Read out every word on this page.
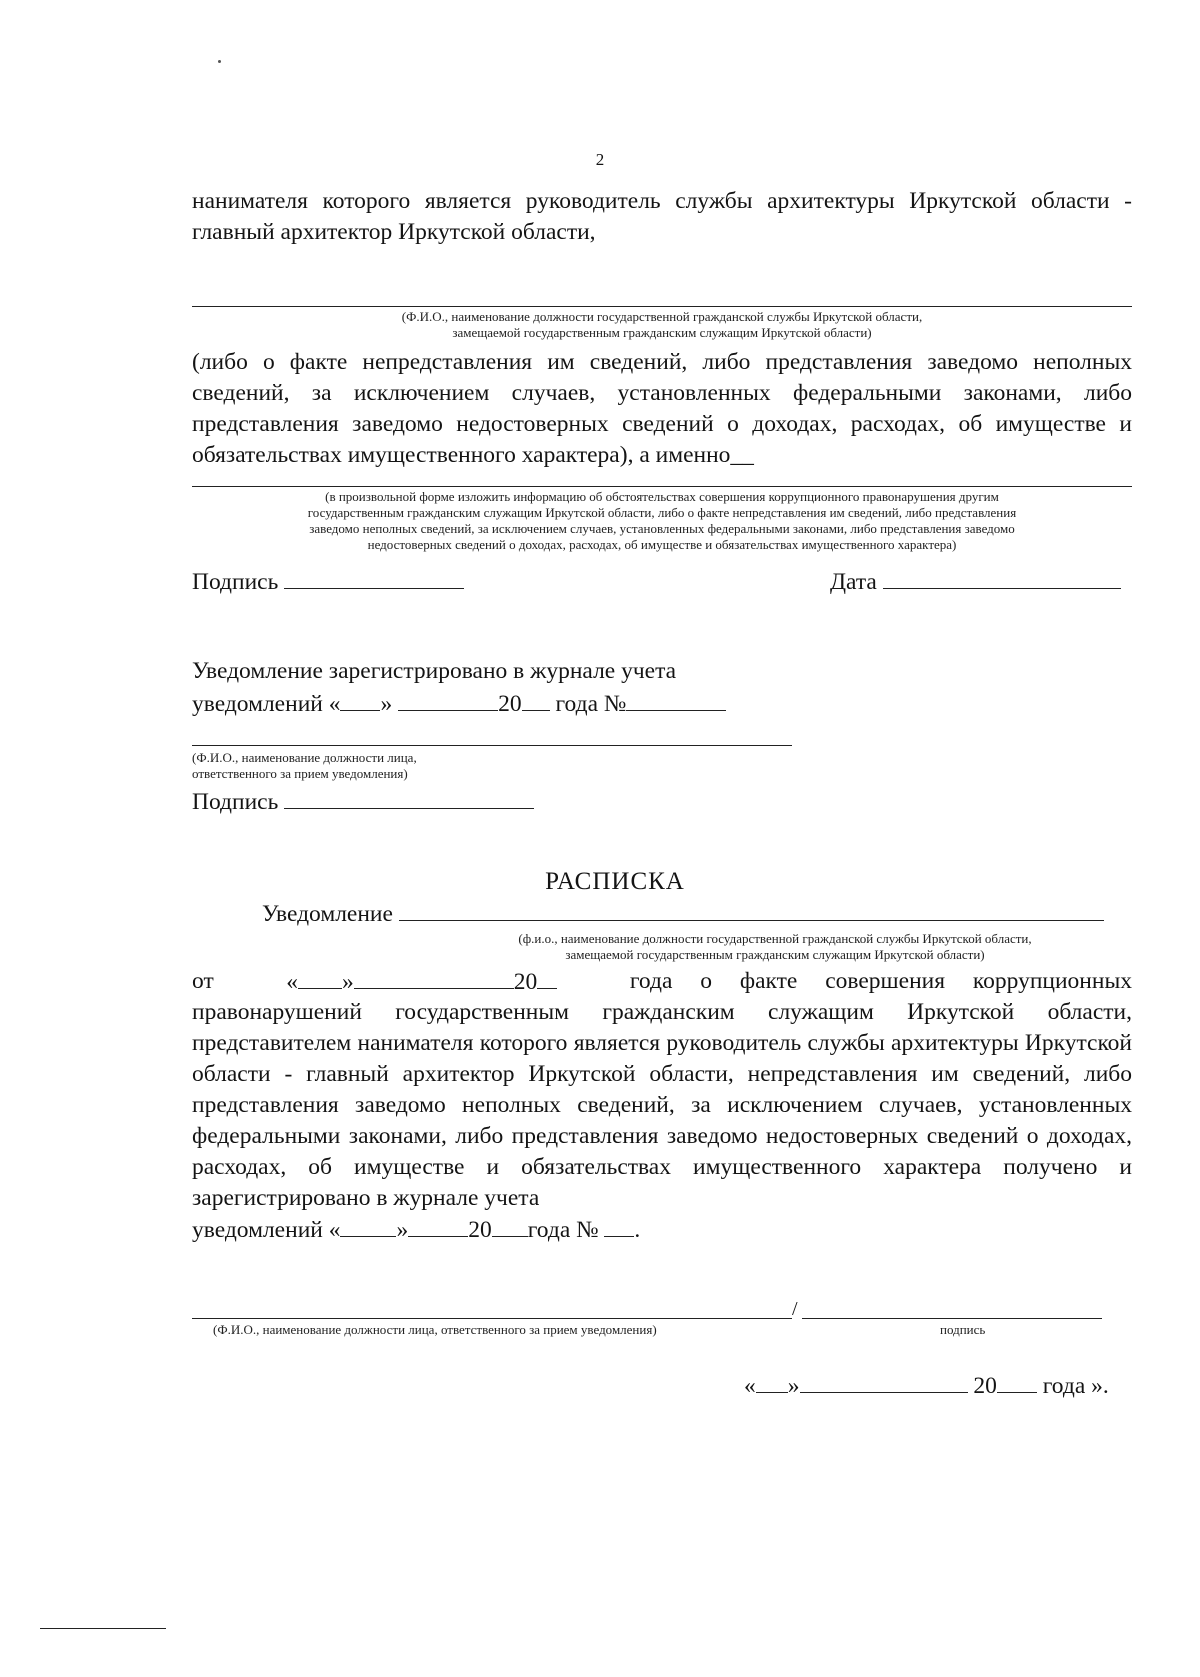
2
нанимателя которого является руководитель службы архитектуры Иркутской области - главный архитектор Иркутской области,
(Ф.И.О., наименование должности государственной гражданской службы Иркутской области,
замещаемой государственным гражданским служащим Иркутской области)
(либо о факте непредставления им сведений, либо представления заведомо неполных сведений, за исключением случаев, установленных федеральными законами, либо представления заведомо недостоверных сведений о доходах, расходах, об имуществе и обязательствах имущественного характера), а именно__
(в произвольной форме изложить информацию об обстоятельствах совершения коррупционного правонарушения другим
государственным гражданским служащим Иркутской области, либо о факте непредставления им сведений, либо представления
заведомо неполных сведений, за исключением случаев, установленных федеральными законами, либо представления заведомо
недостоверных сведений о доходах, расходах, об имуществе и обязательствах имущественного характера)
Подпись	Дата
Уведомление зарегистрировано в журнале учета
уведомлений « »	20 года №
(Ф.И.О., наименование должности лица,
ответственного за прием уведомления)
Подпись
РАСПИСКА
Уведомление
(ф.и.о., наименование должности государственной гражданской службы Иркутской области,
замещаемой государственным гражданским служащим Иркутской области)
от	« »	20	года о факте совершения коррупционных
правонарушений государственным гражданским служащим Иркутской области, представителем нанимателя которого является руководитель службы архитектуры Иркутской области - главный архитектор Иркутской области, непредставления им сведений, либо представления заведомо неполных сведений, за исключением случаев, установленных федеральными законами, либо представления заведомо недостоверных сведений о доходах, расходах, об имуществе и обязательствах имущественного характера получено и зарегистрировано в журнале учета
уведомлений « »	20 года № .
/
(Ф.И.О., наименование должности лица, ответственного за прием уведомления)	подпись
« »	20 года ».
